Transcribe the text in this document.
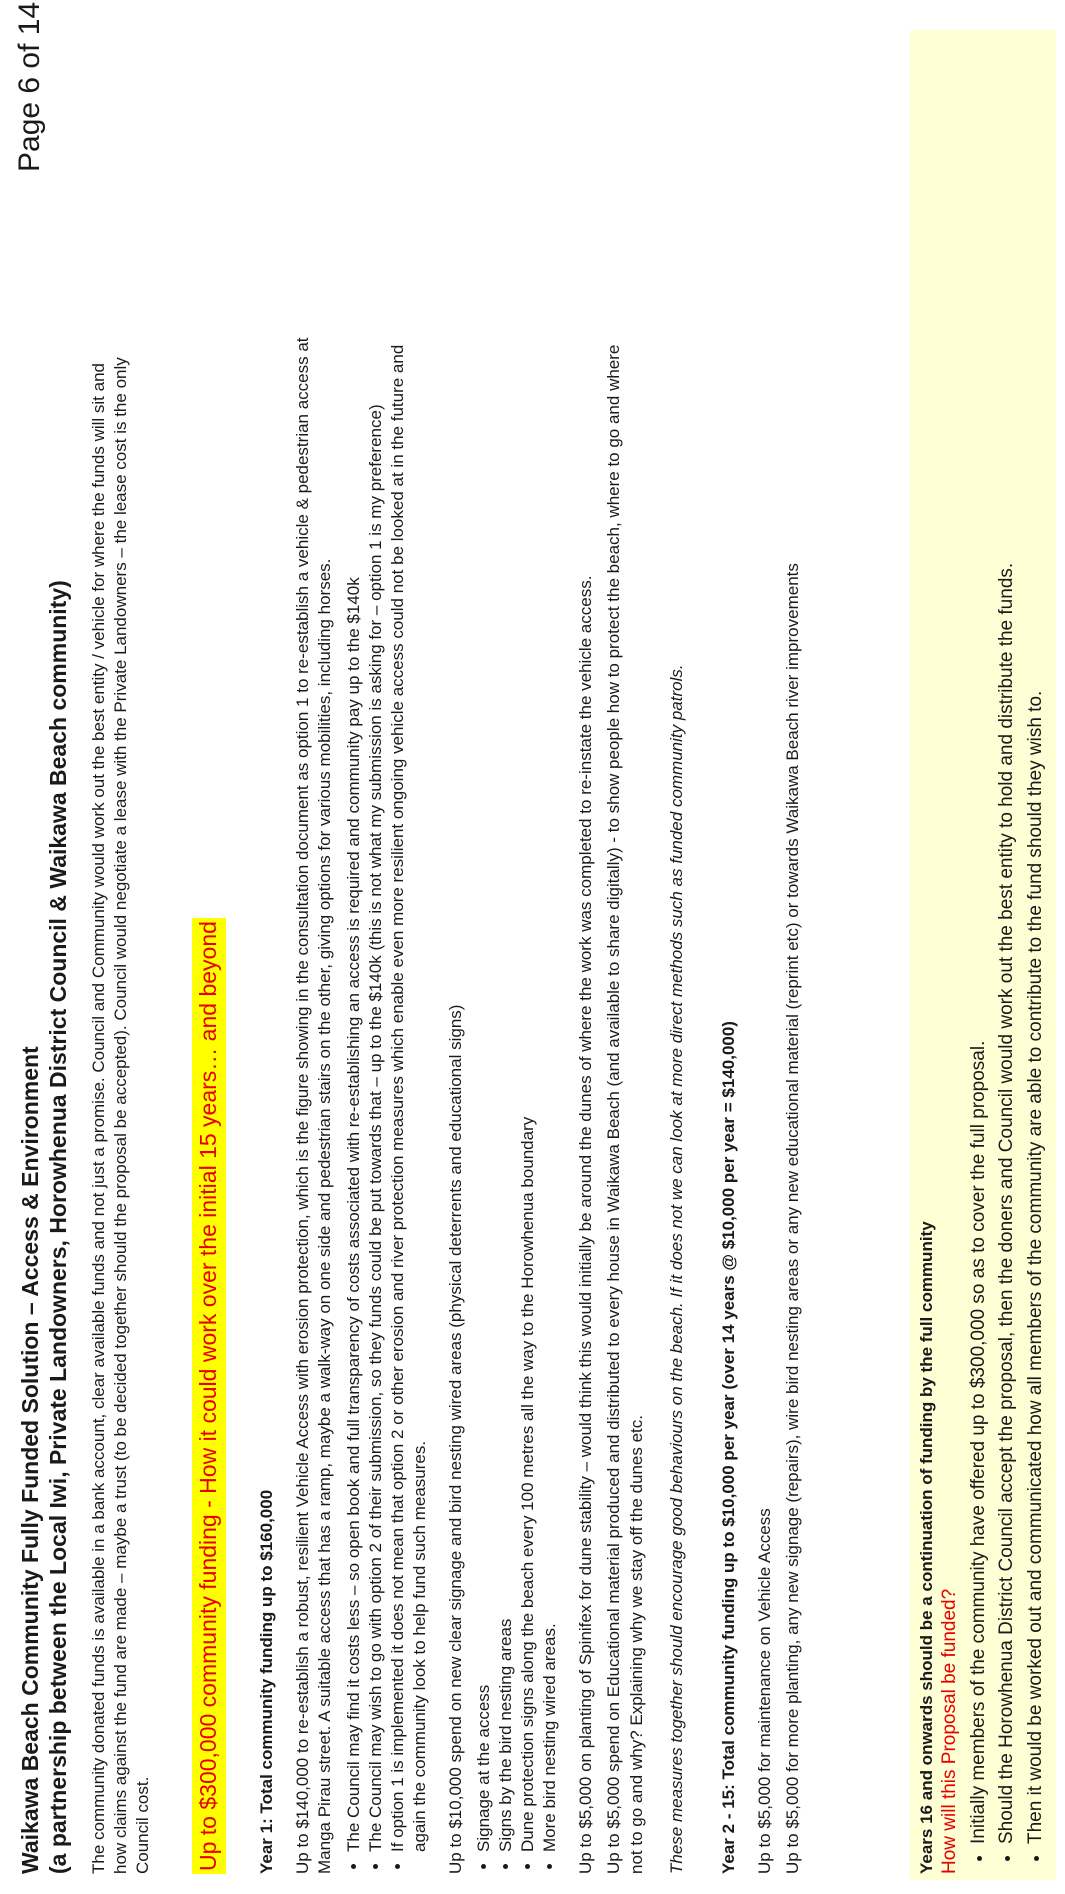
Page 6 of 14

Waikawa Beach Community Fully Funded Solution – Access & Environment (a partnership between the Local Iwi, Private Landowners, Horowhenua District Council & Waikawa Beach community) The community donated funds is available in a bank account, clear available funds and not just a promise. Council and Community would work out the best entity / vehicle for where the funds will sit and how claims against the fund are made – maybe a trust (to be decided together should the proposal be accepted). Council would negotiate a lease with the Private Landowners – the lease cost is the only Council cost. Up to $300,000 community funding - How it could work over the initial 15 years… and beyond Year 1: Total community funding up to $160,000 Up to $140,000 to re-establish a robust, resilient Vehicle Access with erosion protection, which is the figure showing in the consultation document as option 1 to re-establish a vehicle & pedestrian access at Manga Pirau street. A suitable access that has a ramp, maybe a walk-way on one side and pedestrian stairs on the other, giving options for various mobilities, including horses. • The Council may find it costs less – so open book and full transparency of costs associated with re-establishing an access is required and community pay up to the $140k • The Council may wish to go with option 2 of their submission, so they funds could be put towards that – up to the $140k (this is not what my submission is asking for – option 1 is my preference) • If option 1 is implemented it does not mean that option 2 or other erosion and river protection measures which enable even more resilient ongoing vehicle access could not be looked at in the future and again the community look to help fund such measures. Up to $10,000 spend on new clear signage and bird nesting wired areas (physical deterrents and educational signs) • Signage at the access • Signs by the bird nesting areas • Dune protection signs along the beach every 100 metres all the way to the Horowhenua boundary • More bird nesting wired areas. Up to $5,000 on planting of Spinifex for dune stability – would think this would initially be around the dunes of where the work was completed to re-instate the vehicle access. Up to $5,000 spend on Educational material produced and distributed to every house in Waikawa Beach (and available to share digitally) - to show people how to protect the beach, where to go and where not to go and why? Explaining why we stay off the dunes etc. These measures together should encourage good behaviours on the beach. If it does not we can look at more direct methods such as funded community patrols. Year 2 - 15: Total community funding up to $10,000 per year (over 14 years @ $10,000 per year = $140,000) Up to $5,000 for maintenance on Vehicle Access Up to $5,000 for more planting, any new signage (repairs), wire bird nesting areas or any new educational material (reprint etc) or towards Waikawa Beach river improvements	Years 16 and onwards should be a continuation of funding by the full community How will this Proposal be funded? • Initially members of the community have offered up to $300,000 so as to cover the full proposal. • Should the Horowhenua District Council accept the proposal, then the doners and Council would work out the best entity to hold and distribute the funds. • Then it would be worked out and communicated how all members of the community are able to contribute to the fund should they wish to.
